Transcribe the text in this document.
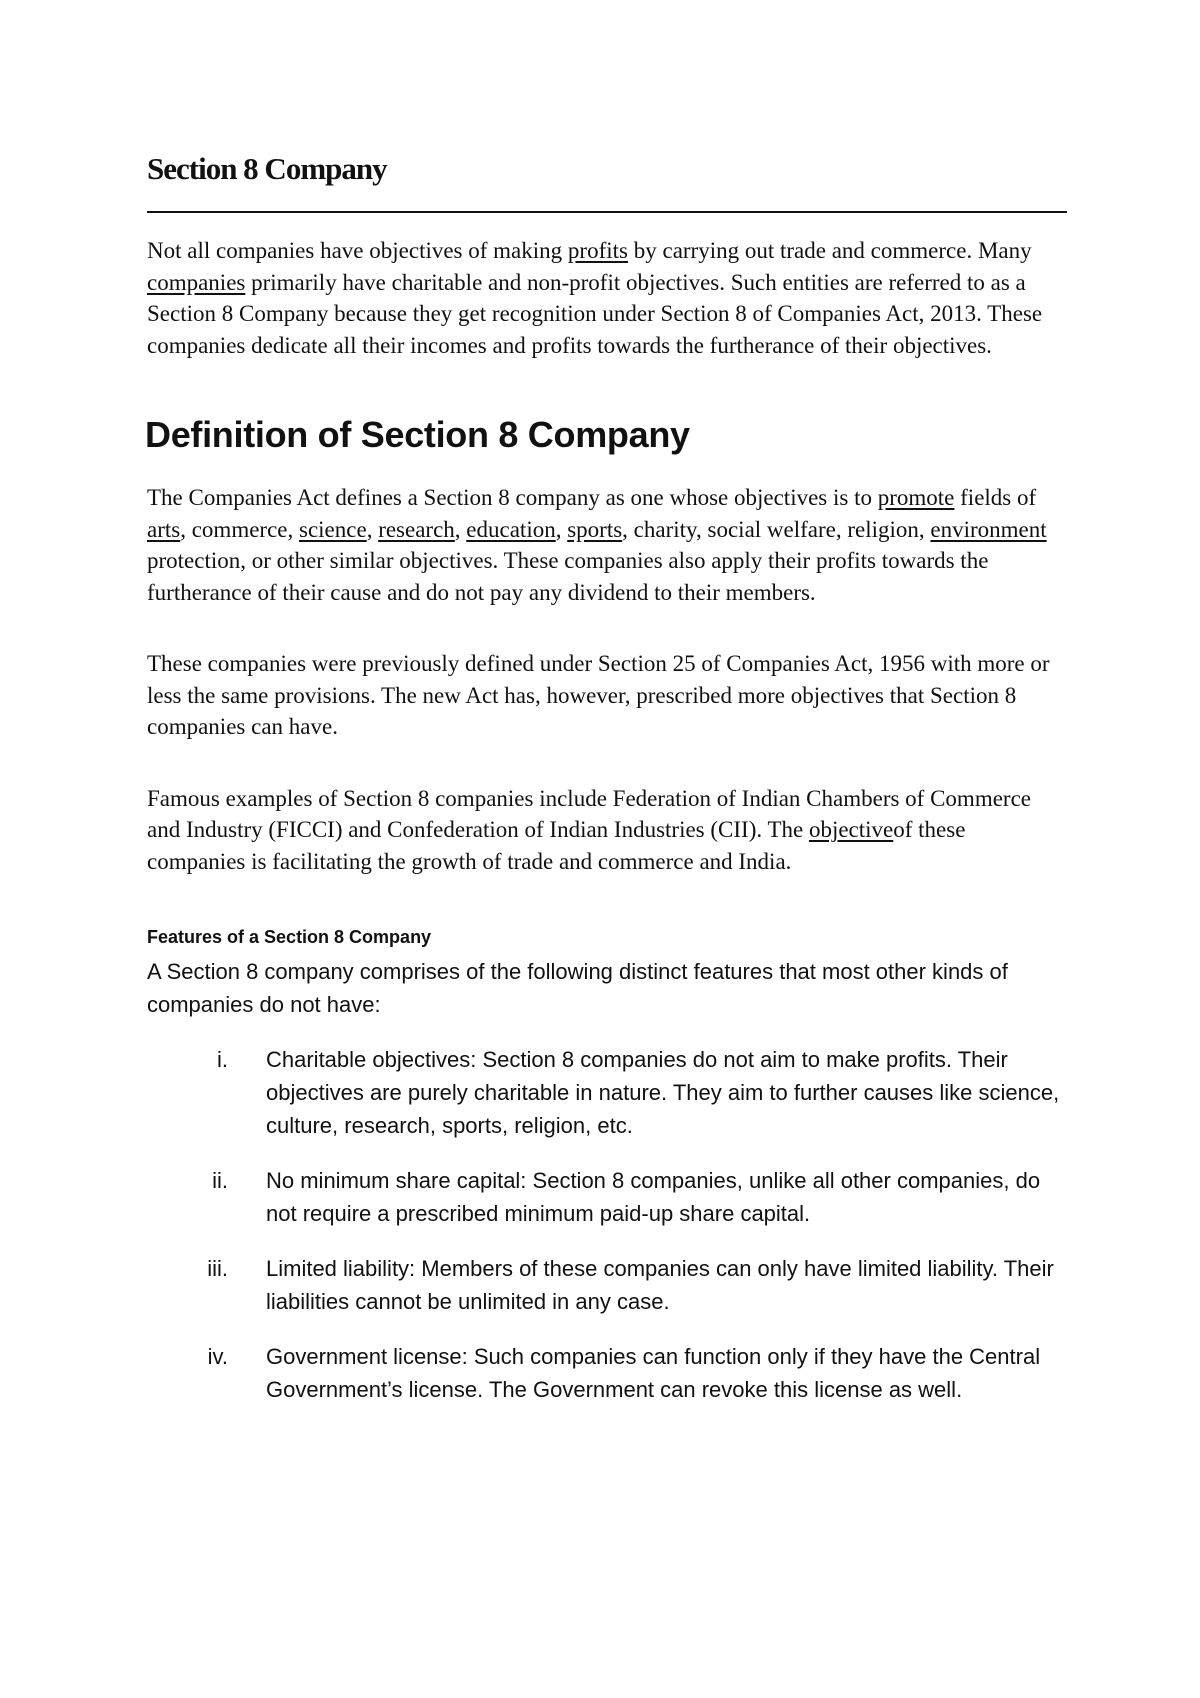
Section 8 Company

Not all companies have objectives of making profits by carrying out trade and commerce. Many companies primarily have charitable and non-profit objectives. Such entities are referred to as a Section 8 Company because they get recognition under Section 8 of Companies Act, 2013. These companies dedicate all their incomes and profits towards the furtherance of their objectives.

Definition of Section 8 Company

The Companies Act defines a Section 8 company as one whose objectives is to promote fields of arts, commerce, science, research, education, sports, charity, social welfare, religion, environment protection, or other similar objectives. These companies also apply their profits towards the furtherance of their cause and do not pay any dividend to their members.

These companies were previously defined under Section 25 of Companies Act, 1956 with more or less the same provisions. The new Act has, however, prescribed more objectives that Section 8 companies can have.

Famous examples of Section 8 companies include Federation of Indian Chambers of Commerce and Industry (FICCI) and Confederation of Indian Industries (CII). The objectiveof these companies is facilitating the growth of trade and commerce and India.

Features of a Section 8 Company

A Section 8 company comprises of the following distinct features that most other kinds of companies do not have:

i. Charitable objectives: Section 8 companies do not aim to make profits. Their objectives are purely charitable in nature. They aim to further causes like science, culture, research, sports, religion, etc.
ii. No minimum share capital: Section 8 companies, unlike all other companies, do not require a prescribed minimum paid-up share capital.
iii. Limited liability: Members of these companies can only have limited liability. Their liabilities cannot be unlimited in any case.
iv. Government license: Such companies can function only if they have the Central Government’s license. The Government can revoke this license as well.
